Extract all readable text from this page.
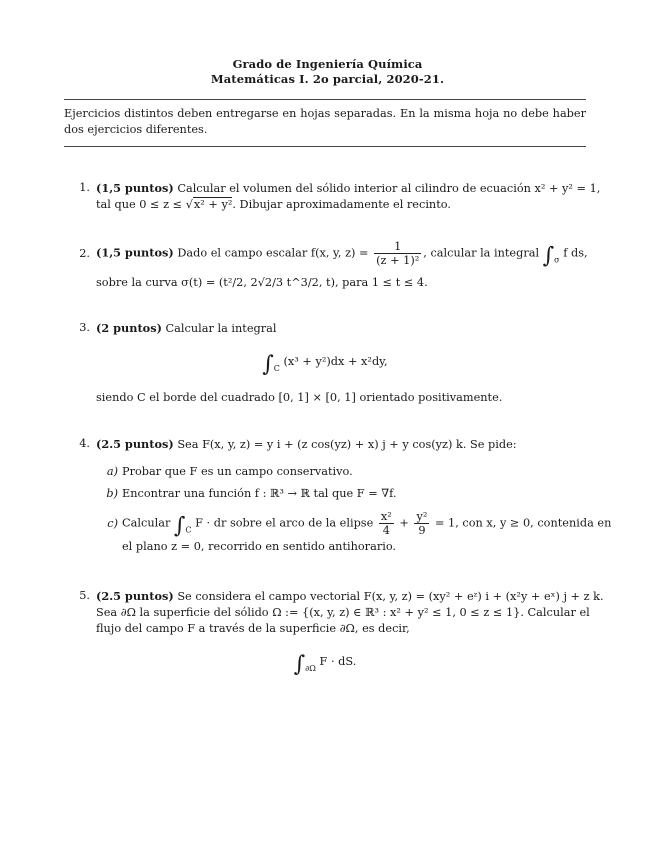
Grado de Ingeniería Química
Matemáticas I. 2o parcial, 2020-21.
Ejercicios distintos deben entregarse en hojas separadas. En la misma hoja no debe haber dos ejercicios diferentes.
1. (1,5 puntos) Calcular el volumen del sólido interior al cilindro de ecuación x² + y² = 1,
tal que 0 ≤ z ≤ √x² + y². Dibujar aproximadamente el recinto.
2. (1,5 puntos) Dado el campo escalar f(x, y, $z) = \frac{1}{\text{(z + 1)²}}$ , calcular la integral $\int_\sigma$ f ds,
sobre la curva σ(t) = (t²/2, 2√2/3 t^3/2, t), para 1 ≤ t ≤ 4.
3. (2 puntos) Calcular la integral
$\int_C$ (x³ + y²)dx + x²dy,
siendo C el borde del cuadrado [0, 1] × [0, 1] orientado positivamente.
4. (2.5 puntos) Sea F(x, y, z) = y i + (z cos(yz) + x) j + y cos(yz) k. Se pide:
a) Probar que F es un campo conservativo.
b) Encontrar una función f : ℝ³ → ℝ tal que F = ∇f.
c) Calcular $\int_C$ F · dr sobre el arco de la elipse $\frac{\text{x²}}{4} + \frac{\text{y²}}{9} = 1$, con x, y ≥ 0, contenida en
el plano z = 0, recorrido en sentido antihorario.
5. (2.5 puntos) Se considera el campo vectorial F(x, y, z) = (xy² + eᶻ) i + (x²y + eˣ) j + z k.
Sea ∂Ω la superficie del sólido Ω := {(x, y, z) ∈ ℝ³ : x² + y² ≤ 1, 0 ≤ z ≤ 1}. Calcular el
flujo del campo F a través de la superficie ∂Ω, es decir,
$\int_{\partial\Omega}$ F · dS.
